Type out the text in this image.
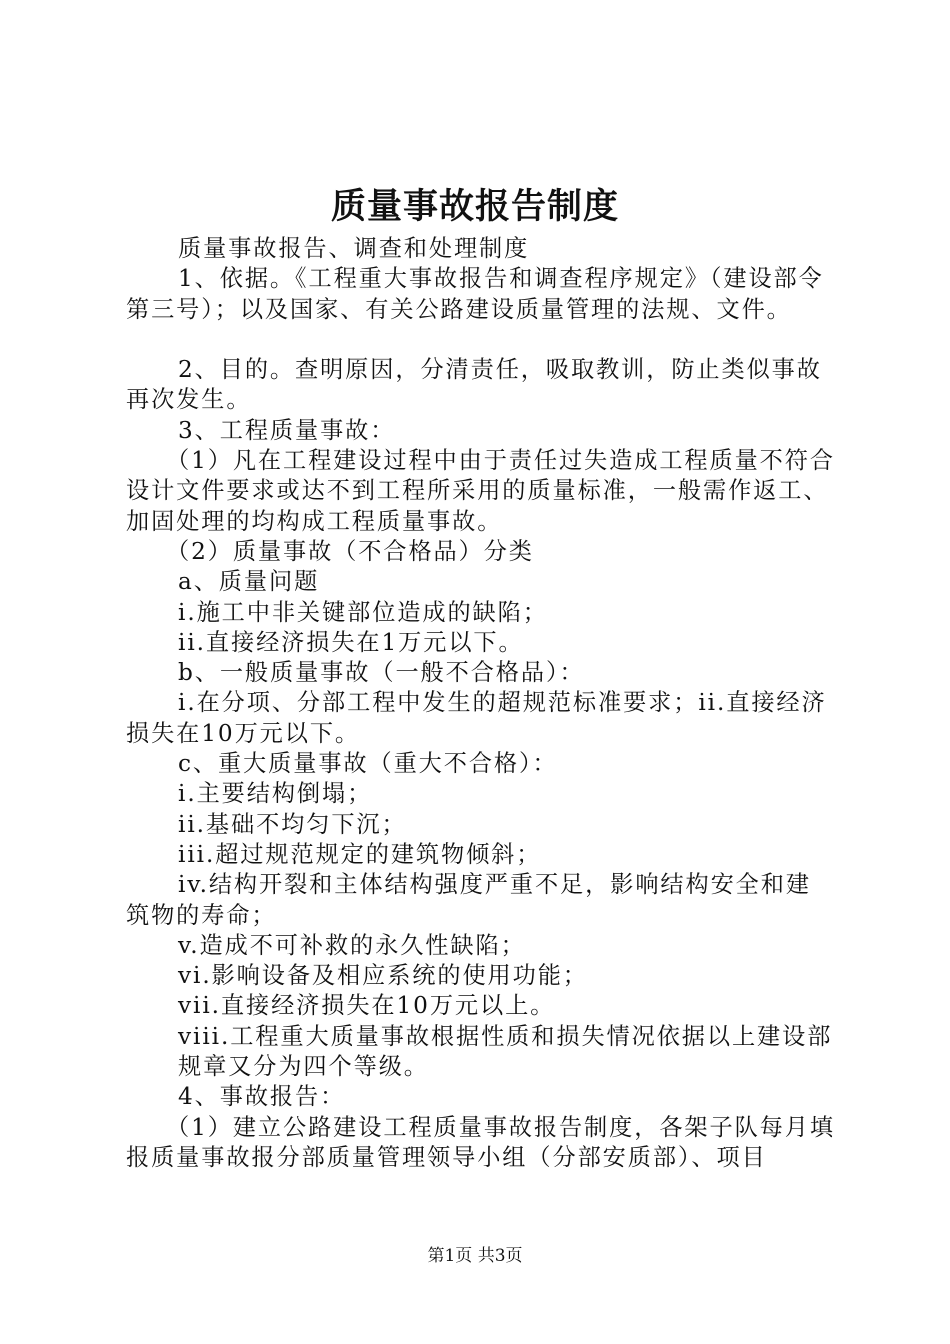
质量事故报告制度

质量事故报告、调查和处理制度

1、依据。《工程重大事故报告和调查程序规定》（建设部令第三号）；以及国家、有关公路建设质量管理的法规、文件。

2、目的。查明原因，分清责任，吸取教训，防止类似事故再次发生。

3、工程质量事故：

（1）凡在工程建设过程中由于责任过失造成工程质量不符合设计文件要求或达不到工程所采用的质量标准，一般需作返工、加固处理的均构成工程质量事故。

（2）质量事故（不合格品）分类

a、质量问题

i.施工中非关键部位造成的缺陷；

ii.直接经济损失在1万元以下。

b、一般质量事故（一般不合格品）：

i.在分项、分部工程中发生的超规范标准要求；ii.直接经济损失在10万元以下。

c、重大质量事故（重大不合格）：

i.主要结构倒塌；

ii.基础不均匀下沉；

iii.超过规范规定的建筑物倾斜；

iv.结构开裂和主体结构强度严重不足，影响结构安全和建筑物的寿命；

v.造成不可补救的永久性缺陷；

vi.影响设备及相应系统的使用功能；

vii.直接经济损失在10万元以上。

viii.工程重大质量事故根据性质和损失情况依据以上建设部规章又分为四个等级。

4、事故报告：

（1）建立公路建设工程质量事故报告制度，各架子队每月填报质量事故报分部质量管理领导小组（分部安质部）、项目

第1页 共3页
